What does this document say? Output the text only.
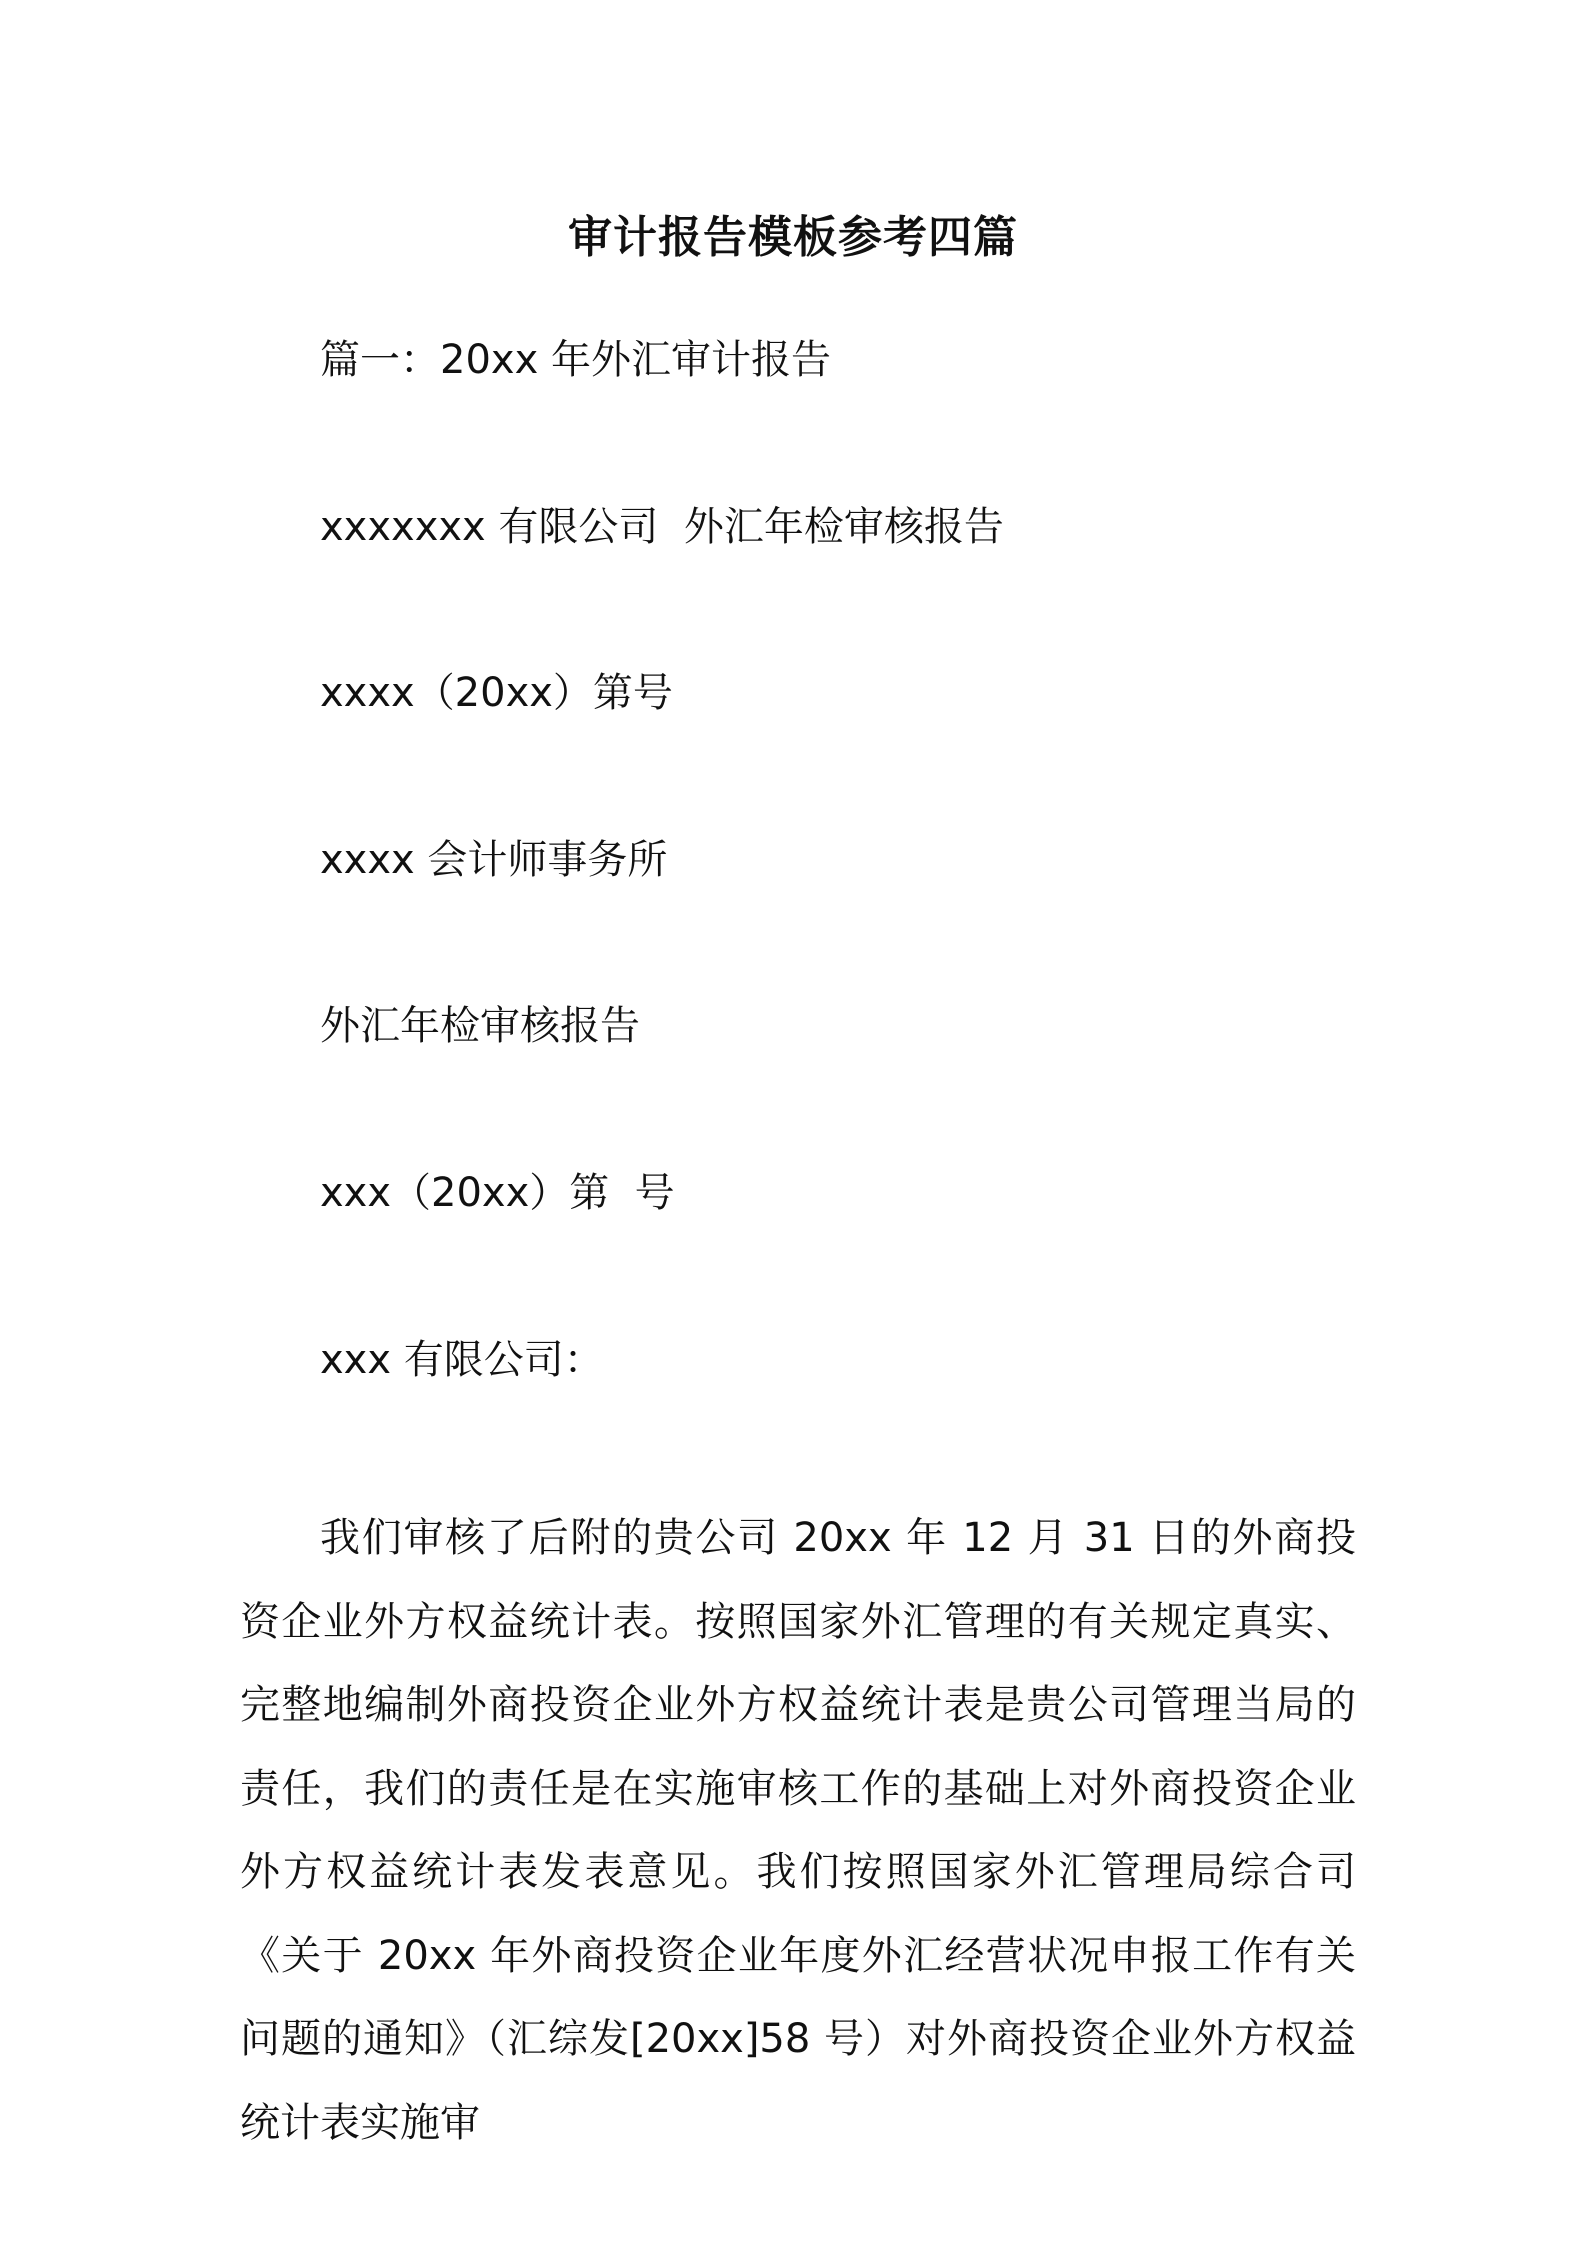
审计报告模板参考四篇
篇一：20xx 年外汇审计报告
xxxxxxx 有限公司  外汇年检审核报告
xxxx（20xx）第号
xxxx 会计师事务所
外汇年检审核报告
xxx（20xx）第  号
xxx 有限公司：

我们审核了后附的贵公司 20xx 年 12 月 31 日的外商投资企业外方权益统计表。按照国家外汇管理的有关规定真实、完整地编制外商投资企业外方权益统计表是贵公司管理当局的责任，我们的责任是在实施审核工作的基础上对外商投资企业外方权益统计表发表意见。我们按照国家外汇管理局综合司《关于 20xx 年外商投资企业年度外汇经营状况申报工作有关问题的通知》（汇综发[20xx]58 号）对外商投资企业外方权益统计表实施审
